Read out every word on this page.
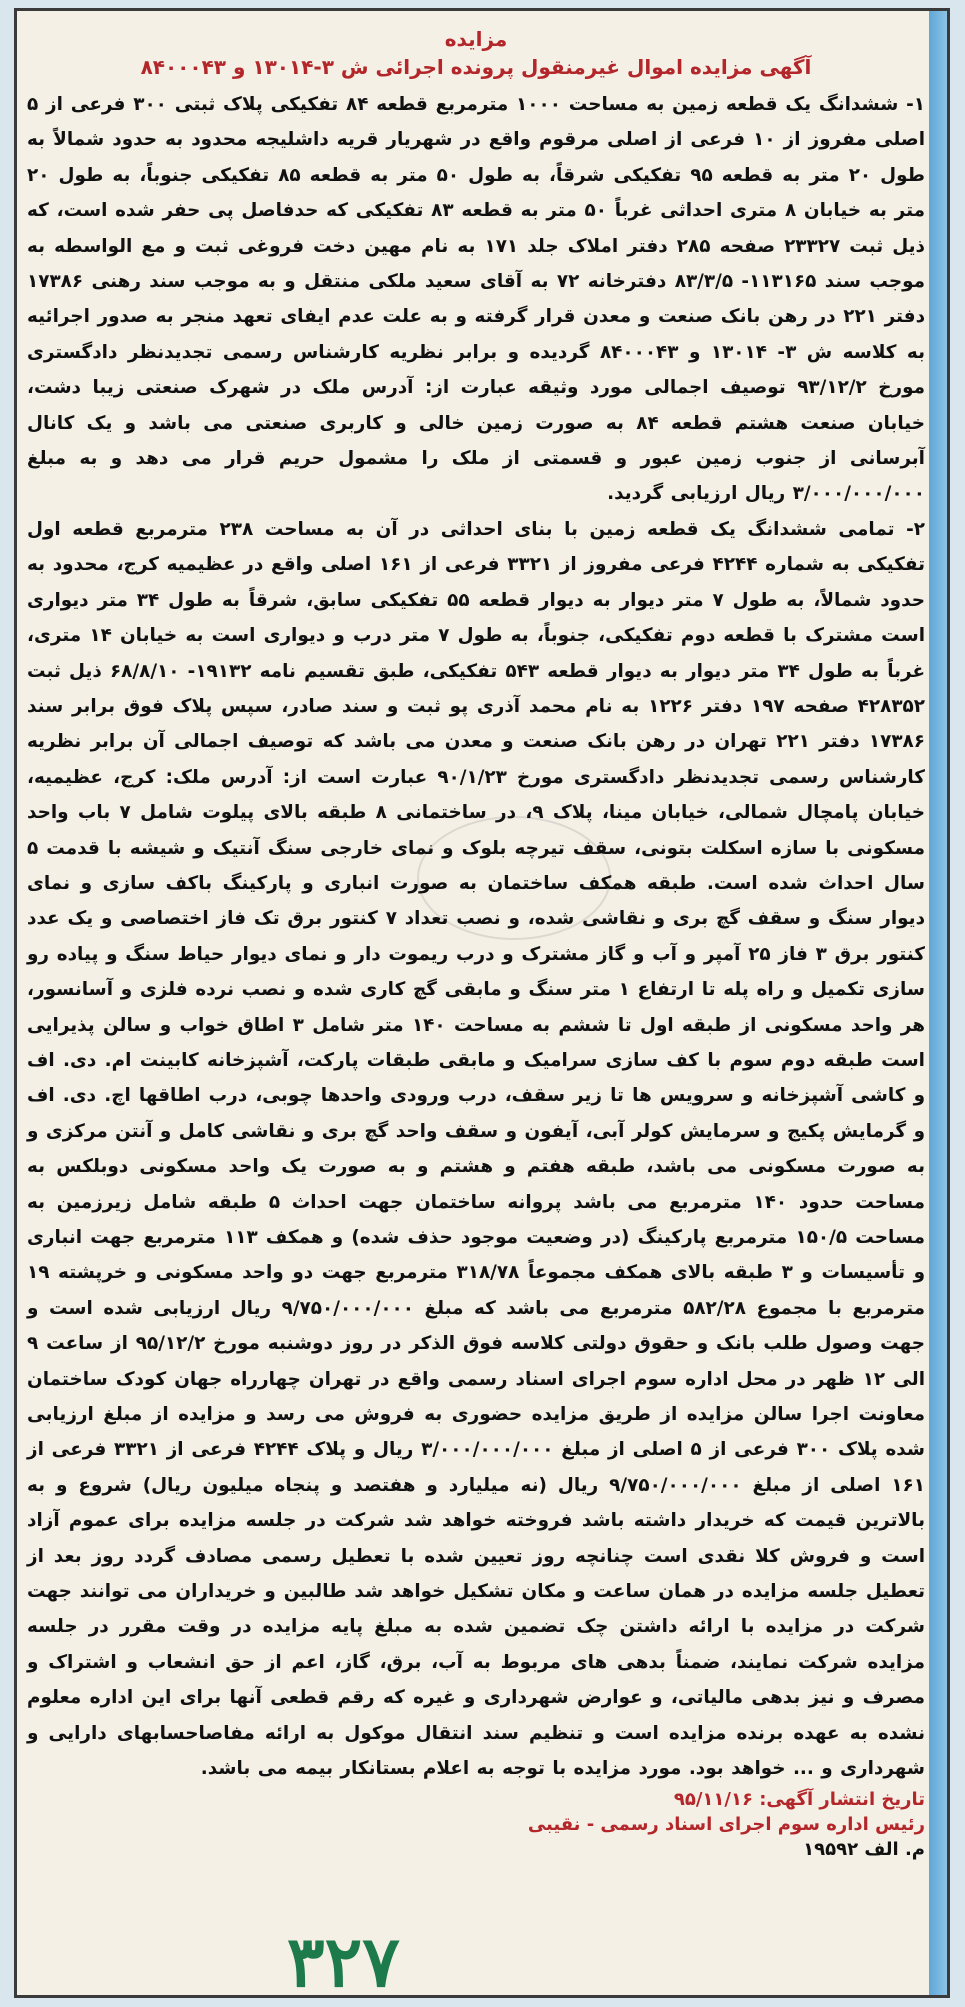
مزایده
آگهی مزایده اموال غیرمنقول پرونده اجرائی ش ۳-۱۳۰۱۴ و ۸۴۰۰۰۴۳

۱- ششدانگ یک قطعه زمین به مساحت ۱۰۰۰ مترمربع قطعه ۸۴ تفکیکی پلاک ثبتی ۳۰۰ فرعی از ۵ اصلی مفروز از ۱۰ فرعی از اصلی مرقوم واقع در شهریار قریه داشلیجه محدود به حدود شمالاً به طول ۲۰ متر به قطعه ۹۵ تفکیکی شرقاً، به طول ۵۰ متر به قطعه ۸۵ تفکیکی جنوباً، به طول ۲۰ متر به خیابان ۸ متری احداثی غرباً ۵۰ متر به قطعه ۸۳ تفکیکی که حدفاصل پی حفر شده است، که ذیل ثبت ۲۳۳۲۷ صفحه ۲۸۵ دفتر املاک جلد ۱۷۱ به نام مهین دخت فروغی ثبت و مع الواسطه به موجب سند ۱۱۳۱۶۵- ۸۳/۳/۵ دفترخانه ۷۲ به آقای سعید ملکی منتقل و به موجب سند رهنی ۱۷۳۸۶ دفتر ۲۲۱ در رهن بانک صنعت و معدن قرار گرفته و به علت عدم ایفای تعهد منجر به صدور اجرائیه به کلاسه ش ۳- ۱۳۰۱۴ و ۸۴۰۰۰۴۳ گردیده و برابر نظریه کارشناس رسمی تجدیدنظر دادگستری مورخ ۹۳/۱۲/۲ توصیف اجمالی مورد وثیقه عبارت از: آدرس ملک در شهرک صنعتی زیبا دشت، خیابان صنعت هشتم قطعه ۸۴ به صورت زمین خالی و کاربری صنعتی می باشد و یک کانال آبرسانی از جنوب زمین عبور و قسمتی از ملک را مشمول حریم قرار می دهد و به مبلغ ۳/۰۰۰/۰۰۰/۰۰۰ ریال ارزیابی گردید.

۲- تمامی ششدانگ یک قطعه زمین با بنای احداثی در آن به مساحت ۲۳۸ مترمربع قطعه اول تفکیکی به شماره ۴۲۴۴ فرعی مفروز از ۳۳۲۱ فرعی از ۱۶۱ اصلی واقع در عظیمیه کرج، محدود به حدود شمالاً، به طول ۷ متر دیوار به دیوار قطعه ۵۵ تفکیکی سابق، شرقاً به طول ۳۴ متر دیواری است مشترک با قطعه دوم تفکیکی، جنوباً، به طول ۷ متر درب و دیواری است به خیابان ۱۴ متری، غرباً به طول ۳۴ متر دیوار به دیوار قطعه ۵۴۳ تفکیکی، طبق تقسیم نامه ۱۹۱۳۲- ۶۸/۸/۱۰ ذیل ثبت ۴۲۸۳۵۲ صفحه ۱۹۷ دفتر ۱۲۲۶ به نام محمد آذری پو ثبت و سند صادر، سپس پلاک فوق برابر سند ۱۷۳۸۶ دفتر ۲۲۱ تهران در رهن بانک صنعت و معدن می باشد که توصیف اجمالی آن برابر نظریه کارشناس رسمی تجدیدنظر دادگستری مورخ ۹۰/۱/۲۳ عبارت است از: آدرس ملک: کرج، عظیمیه، خیابان پامچال شمالی، خیابان مینا، پلاک ۹، در ساختمانی ۸ طبقه بالای پیلوت شامل ۷ باب واحد مسکونی با سازه اسکلت بتونی، سقف تیرچه بلوک و نمای خارجی سنگ آنتیک و شیشه با قدمت ۵ سال احداث شده است. طبقه همکف ساختمان به صورت انباری و پارکینگ باکف سازی و نمای دیوار سنگ و سقف گچ بری و نقاشی شده، و نصب تعداد ۷ کنتور برق تک فاز اختصاصی و یک عدد کنتور برق ۳ فاز ۲۵ آمپر و آب و گاز مشترک و درب ریموت دار و نمای دیوار حیاط سنگ و پیاده رو سازی تکمیل و راه پله تا ارتفاع ۱ متر سنگ و مابقی گچ کاری شده و نصب نرده فلزی و آسانسور، هر واحد مسکونی از طبقه اول تا ششم به مساحت ۱۴۰ متر شامل ۳ اطاق خواب و سالن پذیرایی است طبقه دوم سوم با کف سازی سرامیک و مابقی طبقات پارکت، آشپزخانه کابینت ام. دی. اف و کاشی آشپزخانه و سرویس ها تا زیر سقف، درب ورودی واحدها چوبی، درب اطاقها اچ. دی. اف و گرمایش پکیج و سرمایش کولر آبی، آیفون و سقف واحد گچ بری و نقاشی کامل و آنتن مرکزی و به صورت مسکونی می باشد، طبقه هفتم و هشتم و به صورت یک واحد مسکونی دوبلکس به مساحت حدود ۱۴۰ مترمربع می باشد پروانه ساختمان جهت احداث ۵ طبقه شامل زیرزمین به مساحت ۱۵۰/۵ مترمربع پارکینگ (در وضعیت موجود حذف شده) و همکف ۱۱۳ مترمربع جهت انباری و تأسیسات و ۳ طبقه بالای همکف مجموعاً ۳۱۸/۷۸ مترمربع جهت دو واحد مسکونی و خرپشته ۱۹ مترمربع با مجموع ۵۸۲/۲۸ مترمربع می باشد که مبلغ ۹/۷۵۰/۰۰۰/۰۰۰ ریال ارزیابی شده است و جهت وصول طلب بانک و حقوق دولتی کلاسه فوق الذکر در روز دوشنبه مورخ ۹۵/۱۲/۲ از ساعت ۹ الی ۱۲ ظهر در محل اداره سوم اجرای اسناد رسمی واقع در تهران چهارراه جهان کودک ساختمان معاونت اجرا سالن مزایده از طریق مزایده حضوری به فروش می رسد و مزایده از مبلغ ارزیابی شده پلاک ۳۰۰ فرعی از ۵ اصلی از مبلغ ۳/۰۰۰/۰۰۰/۰۰۰ ریال و پلاک ۴۲۴۴ فرعی از ۳۳۲۱ فرعی از ۱۶۱ اصلی از مبلغ ۹/۷۵۰/۰۰۰/۰۰۰ ریال (نه میلیارد و هفتصد و پنجاه میلیون ریال) شروع و به بالاترین قیمت که خریدار داشته باشد فروخته خواهد شد شرکت در جلسه مزایده برای عموم آزاد است و فروش کلا نقدی است چنانچه روز تعیین شده با تعطیل رسمی مصادف گردد روز بعد از تعطیل جلسه مزایده در همان ساعت و مکان تشکیل خواهد شد طالبین و خریداران می توانند جهت شرکت در مزایده با ارائه داشتن چک تضمین شده به مبلغ پایه مزایده در وقت مقرر در جلسه مزایده شرکت نمایند، ضمناً بدهی های مربوط به آب، برق، گاز، اعم از حق انشعاب و اشتراک و مصرف و نیز بدهی مالیاتی، و عوارض شهرداری و غیره که رقم قطعی آنها برای این اداره معلوم نشده به عهده برنده مزایده است و تنظیم سند انتقال موکول به ارائه مفاصاحسابهای دارایی و شهرداری و ... خواهد بود. مورد مزایده با توجه به اعلام بستانکار بیمه می باشد.

تاریخ انتشار آگهی: ۹۵/۱۱/۱۶
رئیس اداره سوم اجرای اسناد رسمی - نقیبی
م. الف ۱۹۵۹۲
۳۲۷
